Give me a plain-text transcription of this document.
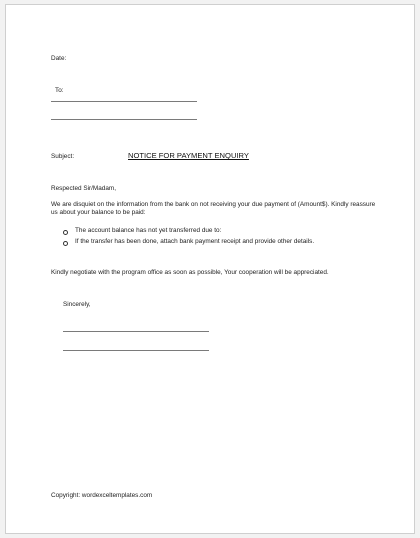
Date:
To:
Subject:	NOTICE FOR PAYMENT ENQUIRY
Respected Sir/Madam,
We are disquiet on the information from the bank on not receiving your due payment of (Amount$). Kindly reassure us about your balance to be paid:
The account balance has not yet transferred due to:
If the transfer has been done, attach bank payment receipt and provide other details.
Kindly negotiate with the program office as soon as possible, Your cooperation will be appreciated.
Sincerely,
Copyright: wordexceltemplates.com
